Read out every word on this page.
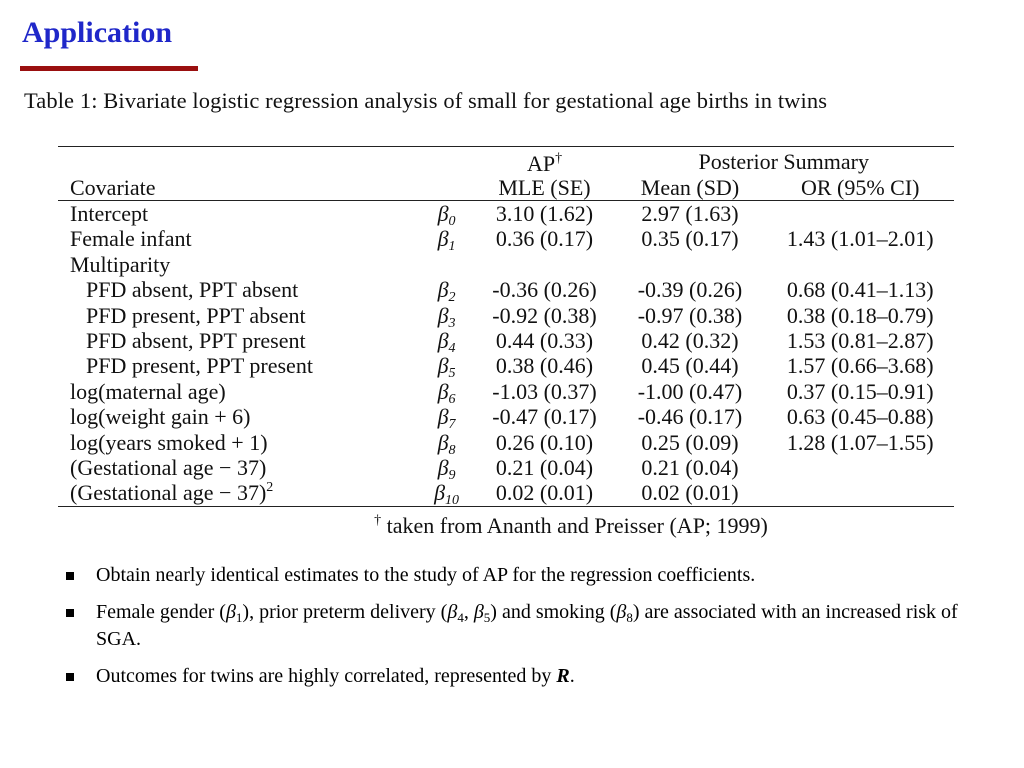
Application
Table 1: Bivariate logistic regression analysis of small for gestational age births in twins
		AP†	Posterior Summary	
Covariate		MLE (SE)	Mean (SD)	OR (95% CI)
Intercept	$\beta_0$	3.10 (1.62)	2.97 (1.63)	
Female infant	$\beta_1$	0.36 (0.17)	0.35 (0.17)	1.43 (1.01–2.01)
Multiparity				
PFD absent, PPT absent	$\beta_2$	-0.36 (0.26)	-0.39 (0.26)	0.68 (0.41–1.13)
PFD present, PPT absent	$\beta_3$	-0.92 (0.38)	-0.97 (0.38)	0.38 (0.18–0.79)
PFD absent, PPT present	$\beta_4$	0.44 (0.33)	0.42 (0.32)	1.53 (0.81–2.87)
PFD present, PPT present	$\beta_5$	0.38 (0.46)	0.45 (0.44)	1.57 (0.66–3.68)
log(maternal age)	$\beta_6$	-1.03 (0.37)	-1.00 (0.47)	0.37 (0.15–0.91)
log(weight gain + 6)	$\beta_7$	-0.47 (0.17)	-0.46 (0.17)	0.63 (0.45–0.88)
log(years smoked + 1)	$\beta_8$	0.26 (0.10)	0.25 (0.09)	1.28 (1.07–1.55)
(Gestational age − 37)	$\beta_9$	0.21 (0.04)	0.21 (0.04)	
(Gestational age − 37)$^2$	$\beta_{10}$	0.02 (0.01)	0.02 (0.01)	
† taken from Ananth and Preisser (AP; 1999)				
Obtain nearly identical estimates to the study of AP for the regression coefficients.
Female gender $(\beta_1)$, prior preterm delivery ($\beta_4$, $\beta_5$) and smoking $(\beta_8)$ are associated with an increased risk of SGA.
Outcomes for twins are highly correlated, represented by R.
